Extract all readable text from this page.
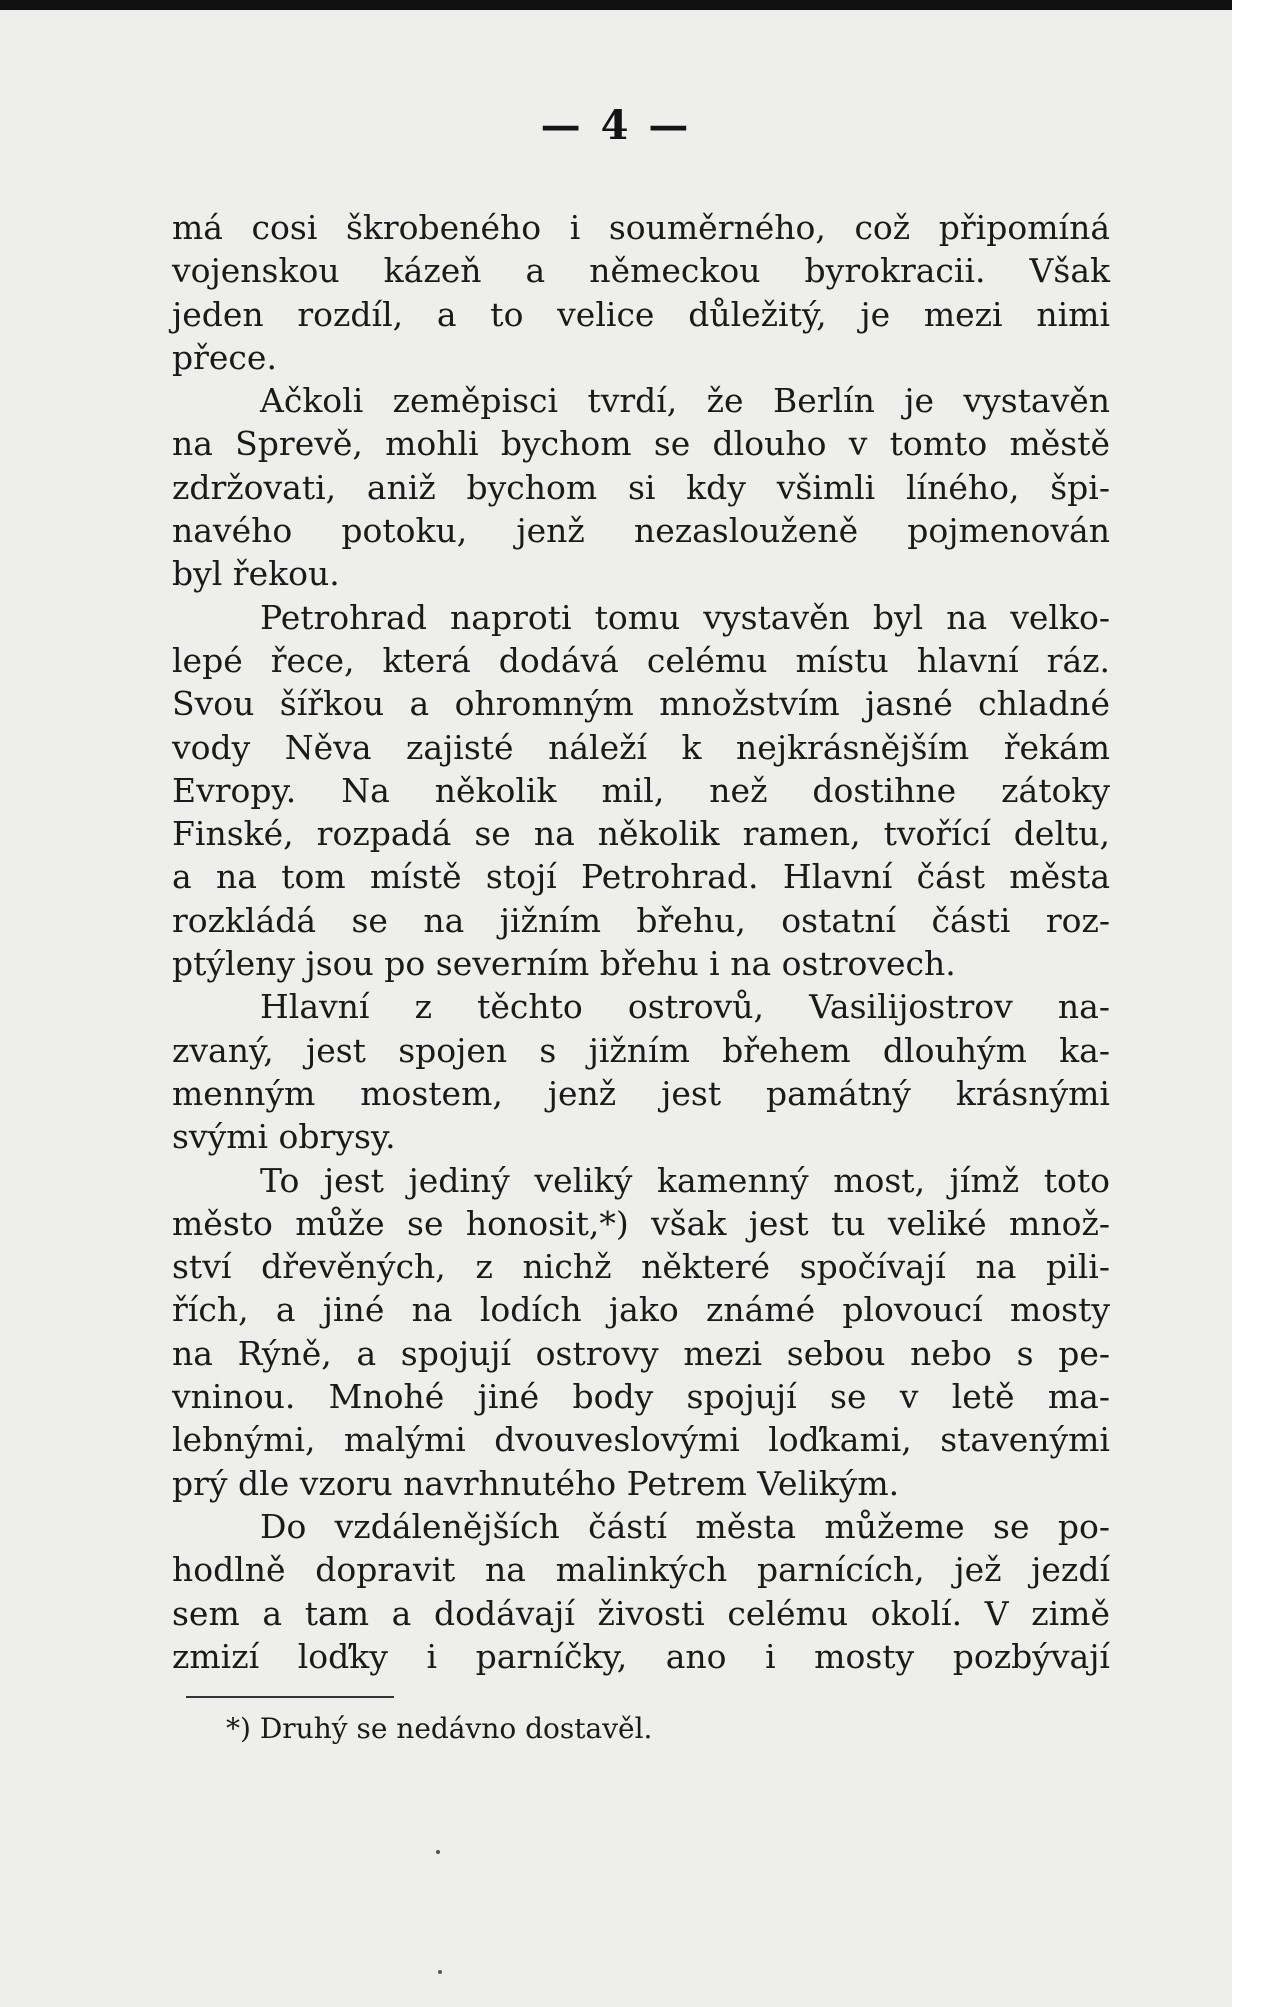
— 4 —
má cosi škrobeného i souměrného, což připomíná
vojenskou kázeň a německou byrokracii. Však
jeden rozdíl, a to velice důležitý, je mezi nimi
přece.
Ačkoli zeměpisci tvrdí, že Berlín je vystavěn
na Sprevě, mohli bychom se dlouho v tomto městě
zdržovati, aniž bychom si kdy všimli líného, špi-
navého potoku, jenž nezaslouženě pojmenován
byl řekou.
Petrohrad naproti tomu vystavěn byl na velko-
lepé řece, která dodává celému místu hlavní ráz.
Svou šířkou a ohromným množstvím jasné chladné
vody Něva zajisté náleží k nejkrásnějším řekám
Evropy. Na několik mil, než dostihne zátoky
Finské, rozpadá se na několik ramen, tvořící deltu,
a na tom místě stojí Petrohrad. Hlavní část města
rozkládá se na jižním břehu, ostatní části roz-
ptýleny jsou po severním břehu i na ostrovech.
Hlavní z těchto ostrovů, Vasilijostrov na-
zvaný, jest spojen s jižním břehem dlouhým ka-
menným mostem, jenž jest památný krásnými
svými obrysy.
To jest jediný veliký kamenný most, jímž toto
město může se honosit,*) však jest tu veliké množ-
ství dřevěných, z nichž některé spočívají na pili-
řích, a jiné na lodích jako známé plovoucí mosty
na Rýně, a spojují ostrovy mezi sebou nebo s pe-
vninou. Mnohé jiné body spojují se v letě ma-
lebnými, malými dvouveslovými loďkami, stavenými
prý dle vzoru navrhnutého Petrem Velikým.
Do vzdálenějších částí města můžeme se po-
hodlně dopravit na malinkých parnících, jež jezdí
sem a tam a dodávají živosti celému okolí. V zimě
zmizí loďky i parníčky, ano i mosty pozbývají
*) Druhý se nedávno dostavěl.
